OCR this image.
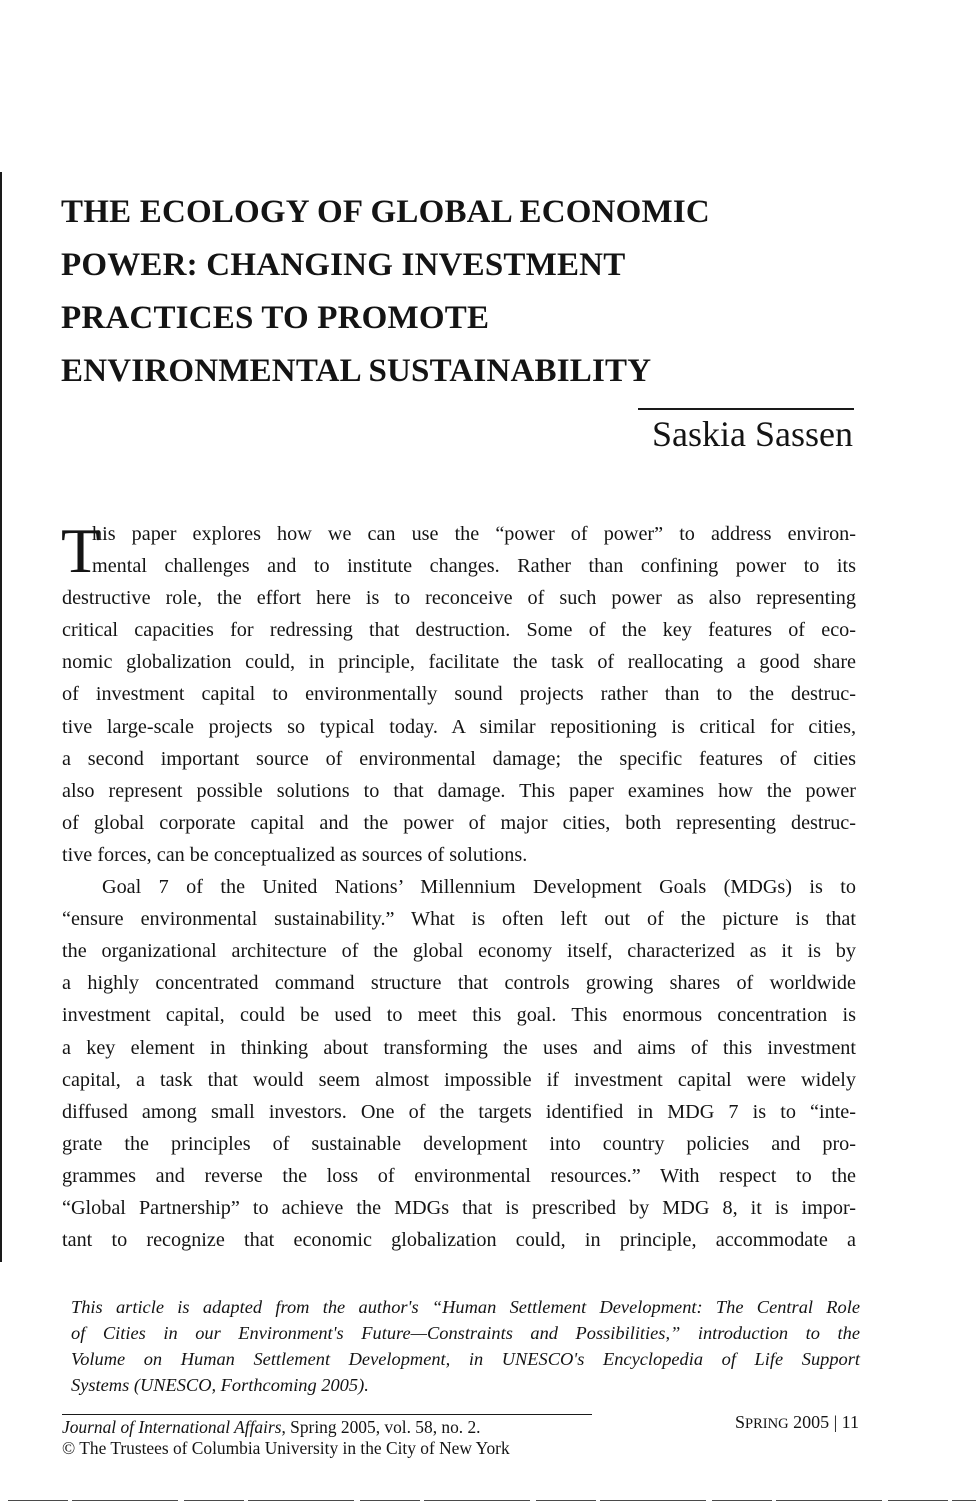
THE ECOLOGY OF GLOBAL ECONOMIC
POWER: CHANGING INVESTMENT
PRACTICES TO PROMOTE
ENVIRONMENTAL SUSTAINABILITY
Saskia Sassen
T
his paper explores how we can use the “power of power” to address environ-
mental challenges and to institute changes. Rather than confining power to its
destructive role, the effort here is to reconceive of such power as also representing
critical capacities for redressing that destruction. Some of the key features of eco-
nomic globalization could, in principle, facilitate the task of reallocating a good share
of investment capital to environmentally sound projects rather than to the destruc-
tive large-scale projects so typical today. A similar repositioning is critical for cities,
a second important source of environmental damage; the specific features of cities
also represent possible solutions to that damage. This paper examines how the power
of global corporate capital and the power of major cities, both representing destruc-
tive forces, can be conceptualized as sources of solutions.
Goal 7 of the United Nations’ Millennium Development Goals (MDGs) is to
“ensure environmental sustainability.” What is often left out of the picture is that
the organizational architecture of the global economy itself, characterized as it is by
a highly concentrated command structure that controls growing shares of worldwide
investment capital, could be used to meet this goal. This enormous concentration is
a key element in thinking about transforming the uses and aims of this investment
capital, a task that would seem almost impossible if investment capital were widely
diffused among small investors. One of the targets identified in MDG 7 is to “inte-
grate the principles of sustainable development into country policies and pro-
grammes and reverse the loss of environmental resources.” With respect to the
“Global Partnership” to achieve the MDGs that is prescribed by MDG 8, it is impor-
tant to recognize that economic globalization could, in principle, accommodate a
This article is adapted from the author's “Human Settlement Development: The Central Role
of Cities in our Environment's Future—Constraints and Possibilities,” introduction to the
Volume on Human Settlement Development, in UNESCO's Encyclopedia of Life Support
Systems (UNESCO, Forthcoming 2005).
Journal of International Affairs, Spring 2005, vol. 58, no. 2.
© The Trustees of Columbia University in the City of New York
SPRING 2005 | 11
